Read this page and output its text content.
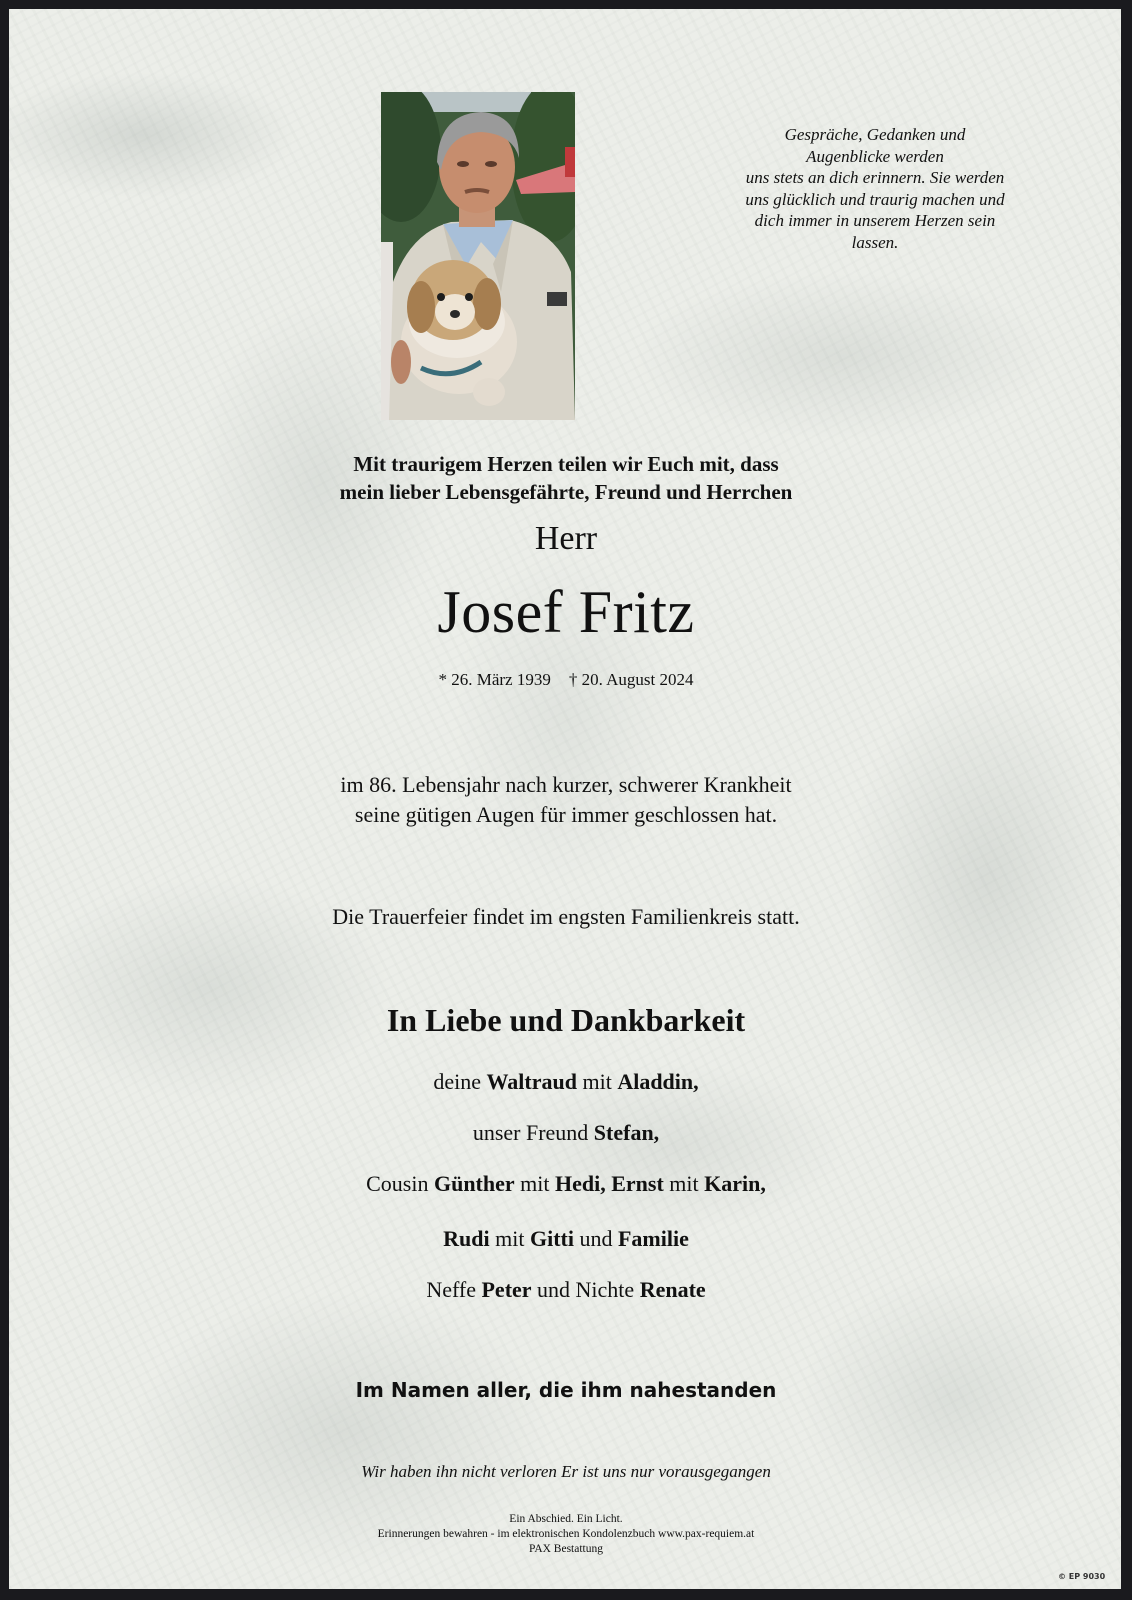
Gespräche, Gedanken und
Augenblicke werden
uns stets an dich erinnern. Sie werden
uns glücklich und traurig machen und
dich immer in unserem Herzen sein
lassen.
Mit traurigem Herzen teilen wir Euch mit, dass
mein lieber Lebensgefährte, Freund und Herrchen
Herr
Josef Fritz
* 26. März 1939 † 20. August 2024
im 86. Lebensjahr nach kurzer, schwerer Krankheit
seine gütigen Augen für immer geschlossen hat.
Die Trauerfeier findet im engsten Familienkreis statt.
In Liebe und Dankbarkeit
deine Waltraud mit Aladdin,
unser Freund Stefan,
Cousin Günther mit Hedi, Ernst mit Karin,
Rudi mit Gitti und Familie
Neffe Peter und Nichte Renate
Im Namen aller, die ihm nahestanden
Wir haben ihn nicht verloren Er ist uns nur vorausgegangen
Ein Abschied. Ein Licht.
Erinnerungen bewahren - im elektronischen Kondolenzbuch www.pax-requiem.at
PAX Bestattung
© EP 9030
